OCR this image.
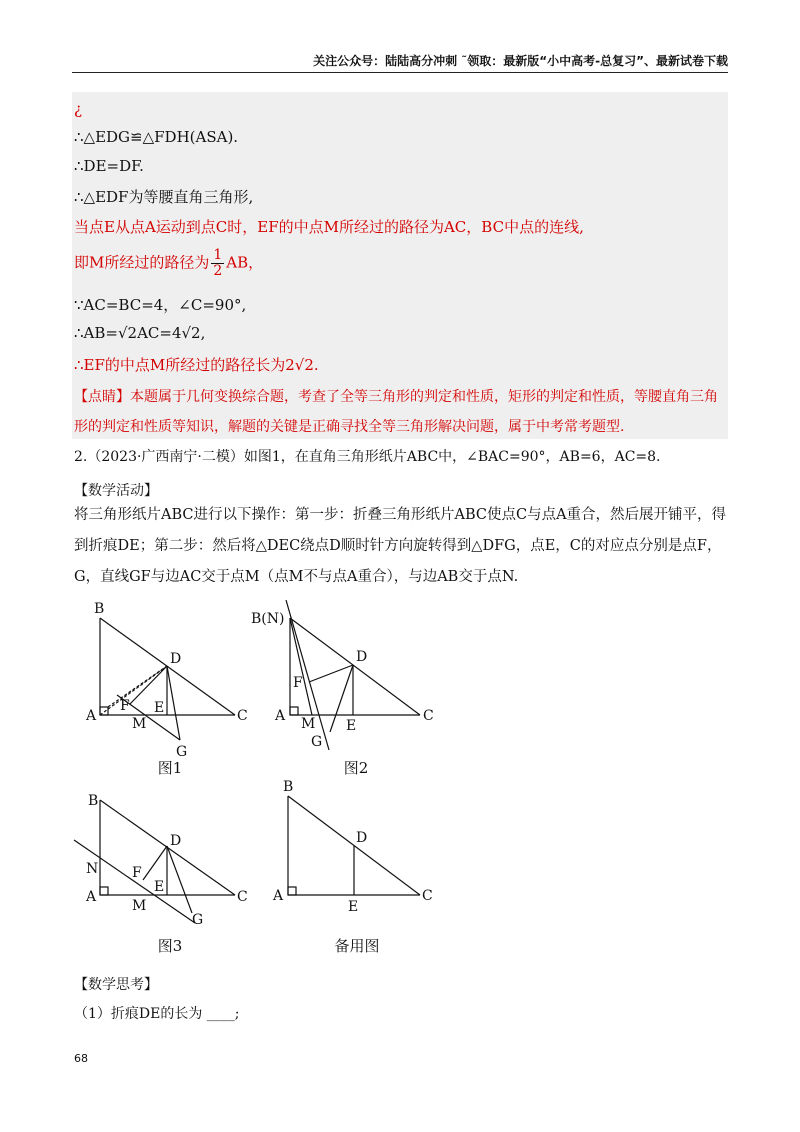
关注公众号：陆陆高分冲刺 ˜领取：最新版“小中高考-总复习”、最新试卷下载
¿
∴△EDG≌△FDH(ASA).
∴DE=DF.
∴△EDF为等腰直角三角形,
当点E从点A运动到点C时，EF的中点M所经过的路径为AC，BC中点的连线,
即M所经过的路径为 $\frac{1}{2}$ AB，
∵AC=BC=4，∠C=90°,
∴AB=√2AC=4√2,
∴EF的中点M所经过的路径长为2√2.
【点睛】本题属于几何变换综合题，考查了全等三角形的判定和性质，矩形的判定和性质，等腰直角三角
形的判定和性质等知识，解题的关键是正确寻找全等三角形解决问题，属于中考常考题型.
2.（2023·广西南宁·二模）如图1，在直角三角形纸片ABC中，∠BAC=90°，AB=6，AC=8.
【数学活动】
将三角形纸片ABC进行以下操作：第一步：折叠三角形纸片ABC使点C与点A重合，然后展开铺平，得
到折痕DE；第二步：然后将△DEC绕点D顺时针方向旋转得到△DFG，点E，C的对应点分别是点F，
G，直线GF与边AC交于点M（点M不与点A重合），与边AB交于点N.
B
D
A
F E	C
M
G
图1
B(N)
D
F
A
E
C
M
G
图2
B
D
N F
A
E
C
M
G
图3
B
D
A
E
C
备用图
【数学思考】
（1）折痕DE的长为 ____;
68
